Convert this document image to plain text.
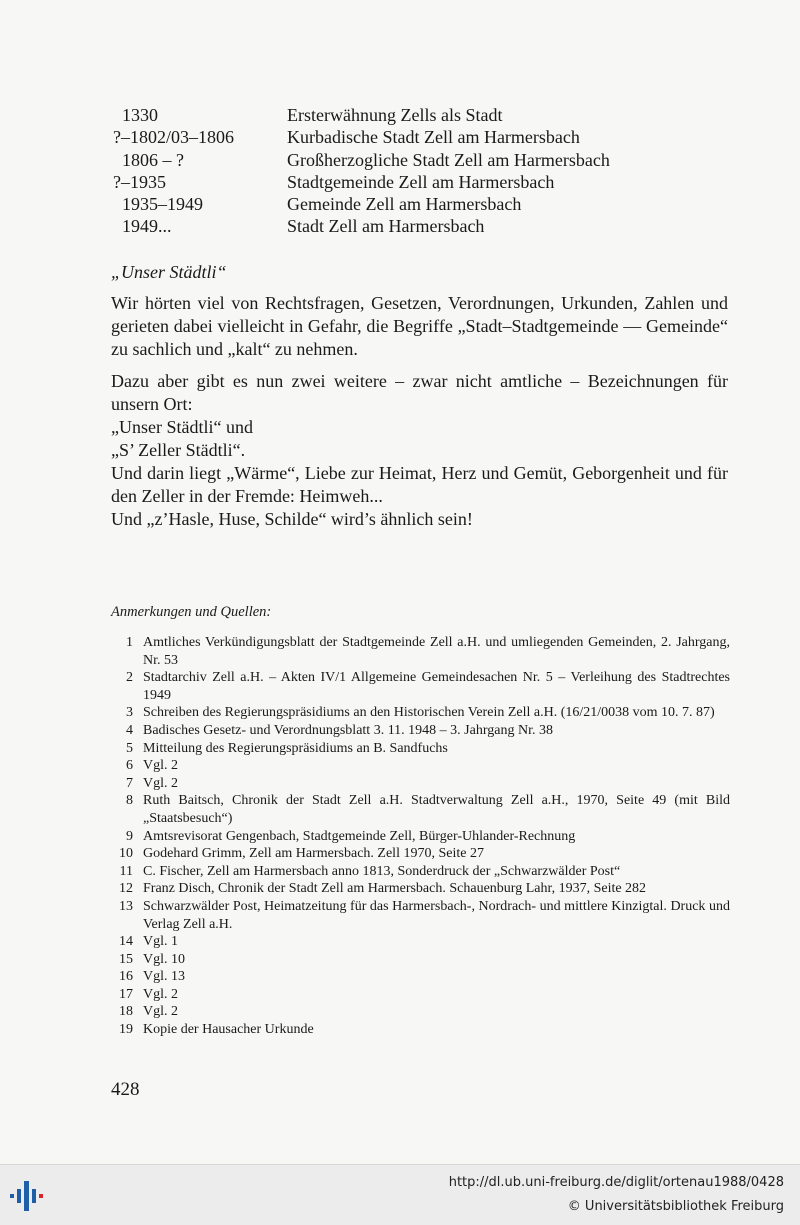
1330	Ersterwähnung Zells als Stadt
?–1802/03–1806	Kurbadische Stadt Zell am Harmersbach
1806 – ?	Großherzogliche Stadt Zell am Harmersbach
?–1935	Stadtgemeinde Zell am Harmersbach
1935–1949	Gemeinde Zell am Harmersbach
1949...	Stadt Zell am Harmersbach
„Unser Städtli“

Wir hörten viel von Rechtsfragen, Gesetzen, Verordnungen, Urkunden, Zahlen und gerieten dabei vielleicht in Gefahr, die Begriffe „Stadt–Stadtgemeinde — Gemeinde“ zu sachlich und „kalt“ zu nehmen.

Dazu aber gibt es nun zwei weitere – zwar nicht amtliche – Bezeichnungen für unsern Ort:

„Unser Städtli“ und

„S’ Zeller Städtli“.

Und darin liegt „Wärme“, Liebe zur Heimat, Herz und Gemüt, Geborgenheit und für den Zeller in der Fremde: Heimweh...

Und „z’Hasle, Huse, Schilde“ wird’s ähnlich sein!

Anmerkungen und Quellen:
1 Amtliches Verkündigungsblatt der Stadtgemeinde Zell a.H. und umliegenden Gemeinden, 2. Jahrgang, Nr. 53
2 Stadtarchiv Zell a.H. – Akten IV/1 Allgemeine Gemeindesachen Nr. 5 – Verleihung des Stadtrechtes 1949
3 Schreiben des Regierungspräsidiums an den Historischen Verein Zell a.H. (16/21/0038 vom 10. 7. 87)
4 Badisches Gesetz- und Verordnungsblatt 3. 11. 1948 – 3. Jahrgang Nr. 38
5 Mitteilung des Regierungspräsidiums an B. Sandfuchs
6 Vgl. 2
7 Vgl. 2
8 Ruth Baitsch, Chronik der Stadt Zell a.H. Stadtverwaltung Zell a.H., 1970, Seite 49 (mit Bild „Staatsbesuch“)
9 Amtsrevisorat Gengenbach, Stadtgemeinde Zell, Bürger-Uhlander-Rechnung
10 Godehard Grimm, Zell am Harmersbach. Zell 1970, Seite 27
11 C. Fischer, Zell am Harmersbach anno 1813, Sonderdruck der „Schwarzwälder Post“
12 Franz Disch, Chronik der Stadt Zell am Harmersbach. Schauenburg Lahr, 1937, Seite 282
13 Schwarzwälder Post, Heimatzeitung für das Harmersbach-, Nordrach- und mittlere Kinzigtal. Druck und Verlag Zell a.H.
14 Vgl. 1
15 Vgl. 10
16 Vgl. 13
17 Vgl. 2
18 Vgl. 2
19 Kopie der Hausacher Urkunde
428
http://dl.ub.uni-freiburg.de/diglit/ortenau1988/0428
© Universitätsbibliothek Freiburg
